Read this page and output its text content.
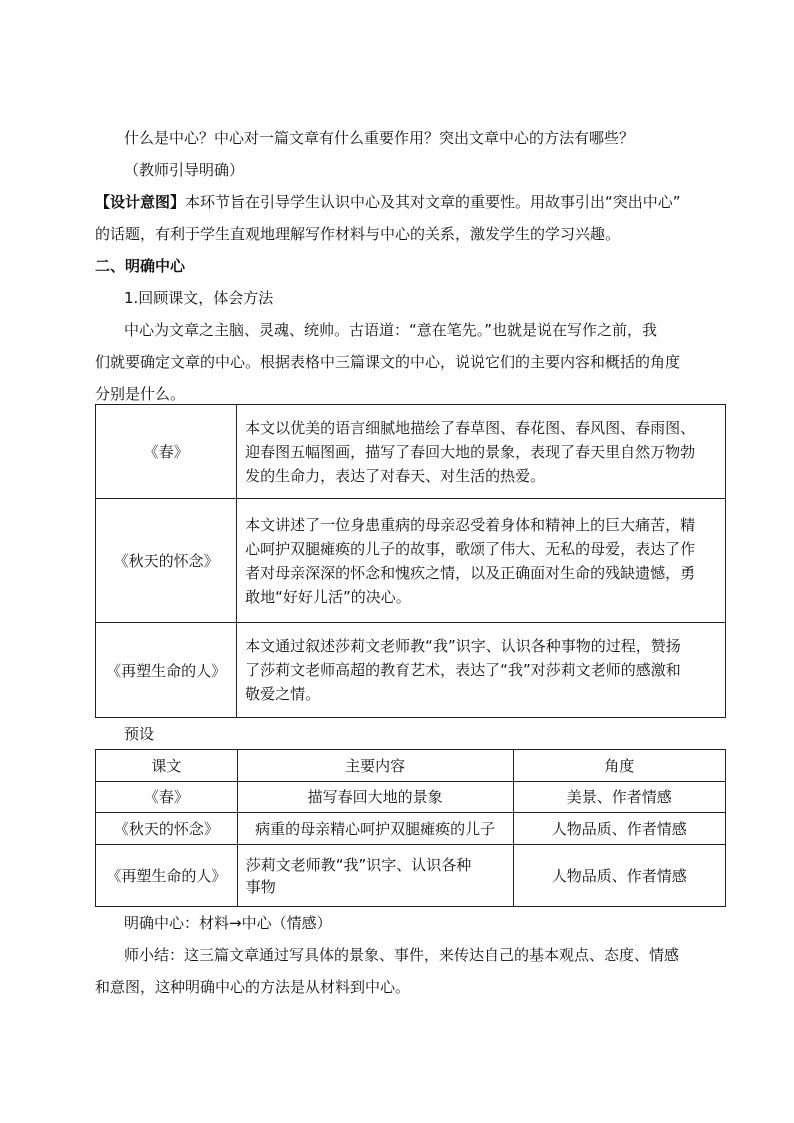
什么是中心？中心对一篇文章有什么重要作用？突出文章中心的方法有哪些？
（教师引导明确）
【设计意图】本环节旨在引导学生认识中心及其对文章的重要性。用故事引出“突出中心”
的话题，有利于学生直观地理解写作材料与中心的关系，激发学生的学习兴趣。
二、明确中心
1.回顾课文，体会方法
中心为文章之主脑、灵魂、统帅。古语道：“意在笔先。”也就是说在写作之前，我
们就要确定文章的中心。根据表格中三篇课文的中心，说说它们的主要内容和概括的角度
分别是什么。
《春》	本文以优美的语言细腻地描绘了春草图、春花图、春风图、春雨图、
迎春图五幅图画，描写了春回大地的景象，表现了春天里自然万物勃
发的生命力，表达了对春天、对生活的热爱。

《秋天的怀念》	本文讲述了一位身患重病的母亲忍受着身体和精神上的巨大痛苦，精
心呵护双腿瘫痪的儿子的故事，歌颂了伟大、无私的母爱，表达了作
者对母亲深深的怀念和愧疚之情，以及正确面对生命的残缺遗憾，勇
敢地“好好儿活”的决心。

《再塑生命的人》	本文通过叙述莎莉文老师教“我”识字、认识各种事物的过程，赞扬
了莎莉文老师高超的教育艺术，表达了“我”对莎莉文老师的感激和
敬爱之情。
预设
课文	主要内容	角度
《春》	描写春回大地的景象	美景、作者情感
《秋天的怀念》	病重的母亲精心呵护双腿瘫痪的儿子	人物品质、作者情感
《再塑生命的人》	莎莉文老师教“我”识字、认识各种
事物	人物品质、作者情感
明确中心：材料→中心（情感）
师小结：这三篇文章通过写具体的景象、事件，来传达自己的基本观点、态度、情感
和意图，这种明确中心的方法是从材料到中心。
